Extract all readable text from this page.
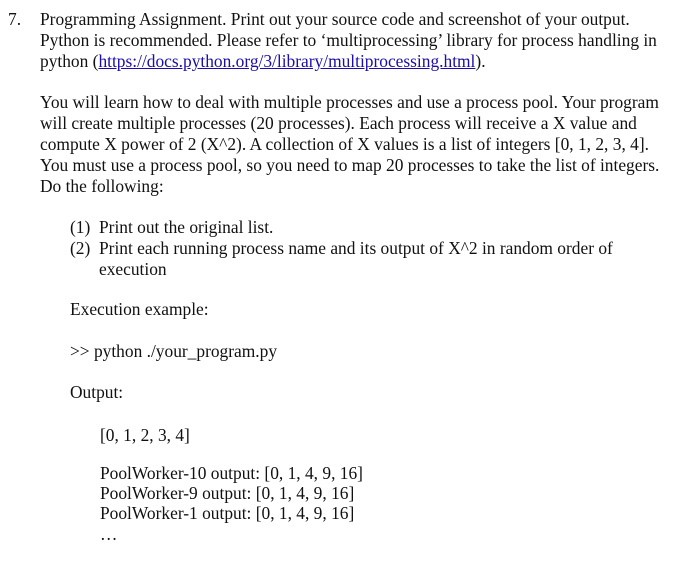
7. Programming Assignment. Print out your source code and screenshot of your output.
Python is recommended. Please refer to ‘multiprocessing’ library for process handling in
python (https://docs.python.org/3/library/multiprocessing.html).
You will learn how to deal with multiple processes and use a process pool. Your program
will create multiple processes (20 processes). Each process will receive a X value and
compute X power of 2 (X^2). A collection of X values is a list of integers [0, 1, 2, 3, 4].
You must use a process pool, so you need to map 20 processes to take the list of integers.
Do the following:
(1) Print out the original list.
(2) Print each running process name and its output of X^2 in random order of
execution
Execution example:
>> python ./your_program.py
Output:
[0, 1, 2, 3, 4]
PoolWorker-10 output: [0, 1, 4, 9, 16]
PoolWorker-9 output: [0, 1, 4, 9, 16]
PoolWorker-1 output: [0, 1, 4, 9, 16]
…
